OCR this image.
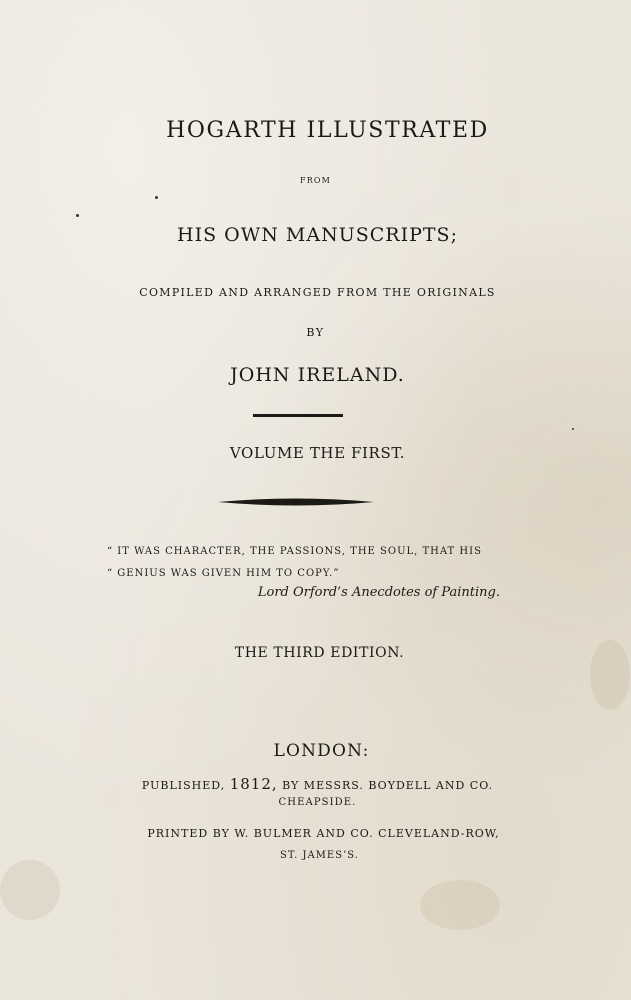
HOGARTH ILLUSTRATED
FROM
HIS OWN MANUSCRIPTS;
COMPILED AND ARRANGED FROM THE ORIGINALS
BY
JOHN IRELAND.
VOLUME THE FIRST.
“ IT WAS CHARACTER, THE PASSIONS, THE SOUL, THAT HIS
“ GENIUS WAS GIVEN HIM TO COPY.”
Lord Orford’s Anecdotes of Painting.
THE THIRD EDITION.
LONDON:
PUBLISHED, 1812, BY MESSRS. BOYDELL AND CO.
CHEAPSIDE.
PRINTED BY W. BULMER AND CO. CLEVELAND-ROW,
ST. JAMES’S.
